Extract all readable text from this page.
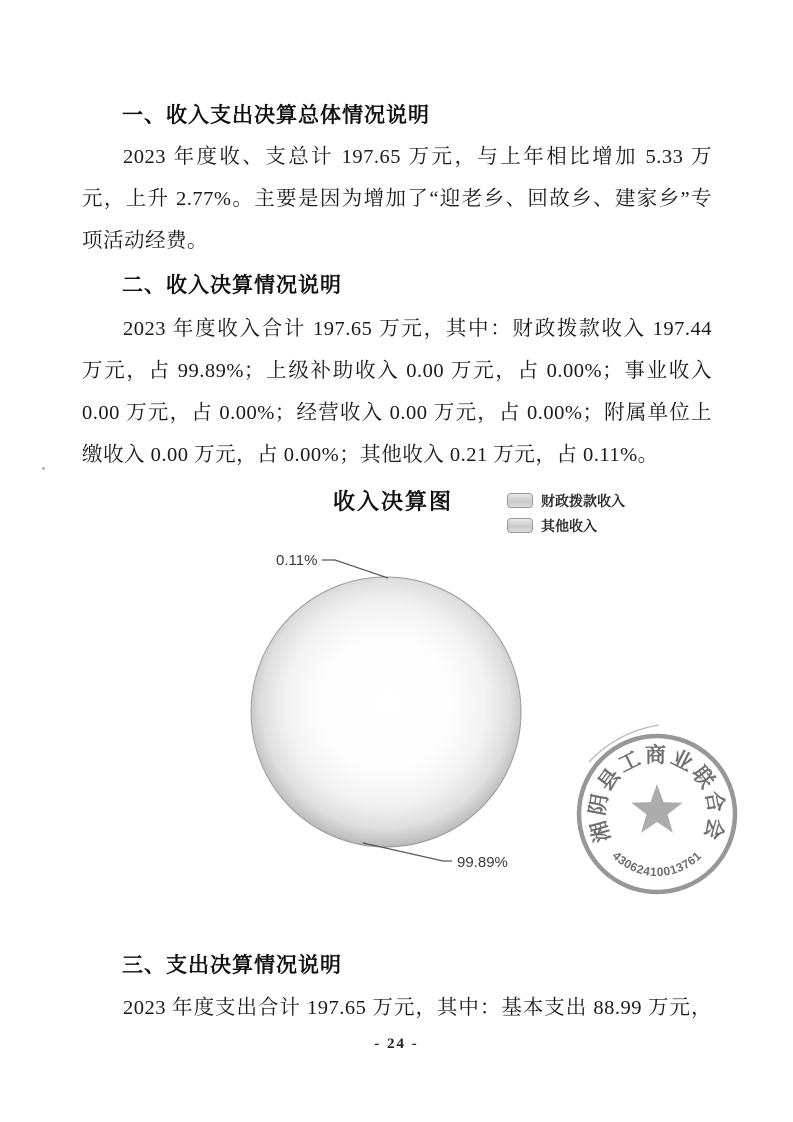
一、收入支出决算总体情况说明
2023 年度收、支总计 197.65 万元，与上年相比增加 5.33 万
元，上升 2.77%。主要是因为增加了“迎老乡、回故乡、建家乡”专
项活动经费。
二、收入决算情况说明
2023 年度收入合计 197.65 万元，其中：财政拨款收入 197.44
万元，占 99.89%；上级补助收入 0.00 万元，占 0.00%；事业收入
0.00 万元，占 0.00%；经营收入 0.00 万元，占 0.00%；附属单位上
缴收入 0.00 万元，占 0.00%；其他收入 0.21 万元，占 0.11%。
收入决算图	财政拨款收入
其他收入
0.11%
99.89%
湘阴县工商业联合会
43062410013761
三、支出决算情况说明
2023 年度支出合计 197.65 万元，其中：基本支出 88.99 万元，
- 24 -
